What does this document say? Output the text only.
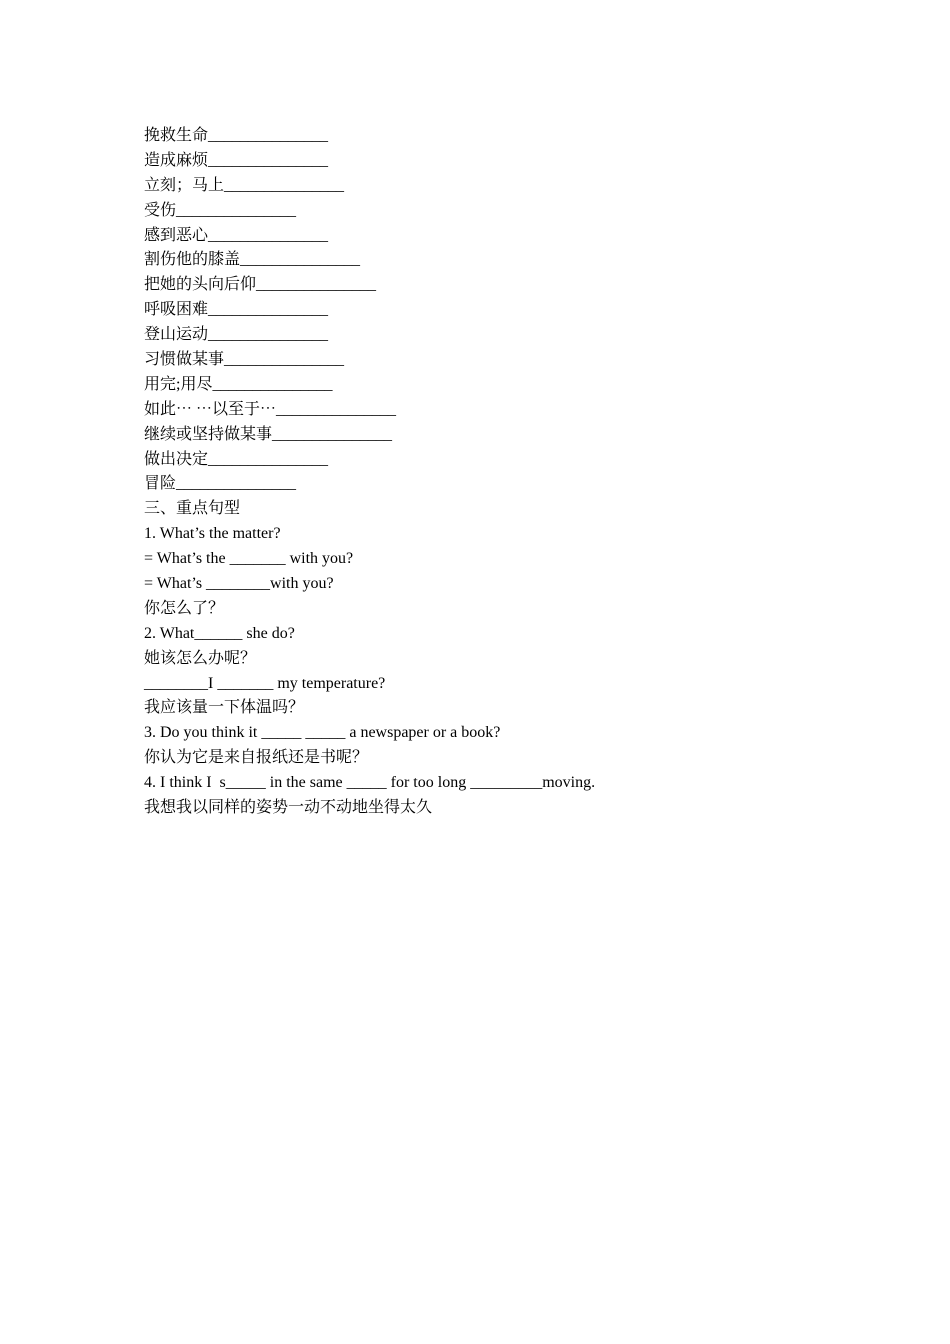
挽救生命_______________
造成麻烦_______________
立刻；马上_______________
受伤_______________
感到恶心_______________
割伤他的膝盖_______________
把她的头向后仰_______________
呼吸困难_______________
登山运动_______________
习惯做某事_______________
用完;用尽_______________
如此⋯ ⋯以至于⋯_______________
继续或坚持做某事_______________
做出决定_______________
冒险_______________
三、重点句型
1. What’s the matter?
= What’s the _______ with you?
= What’s ________with you?
你怎么了？
2. What______ she do?
她该怎么办呢？
________I _______ my temperature?
我应该量一下体温吗？
3. Do you think it _____ _____ a newspaper or a book?
你认为它是来自报纸还是书呢？
4. I think I  s_____ in the same _____ for too long _________moving.
我想我以同样的姿势一动不动地坐得太久
